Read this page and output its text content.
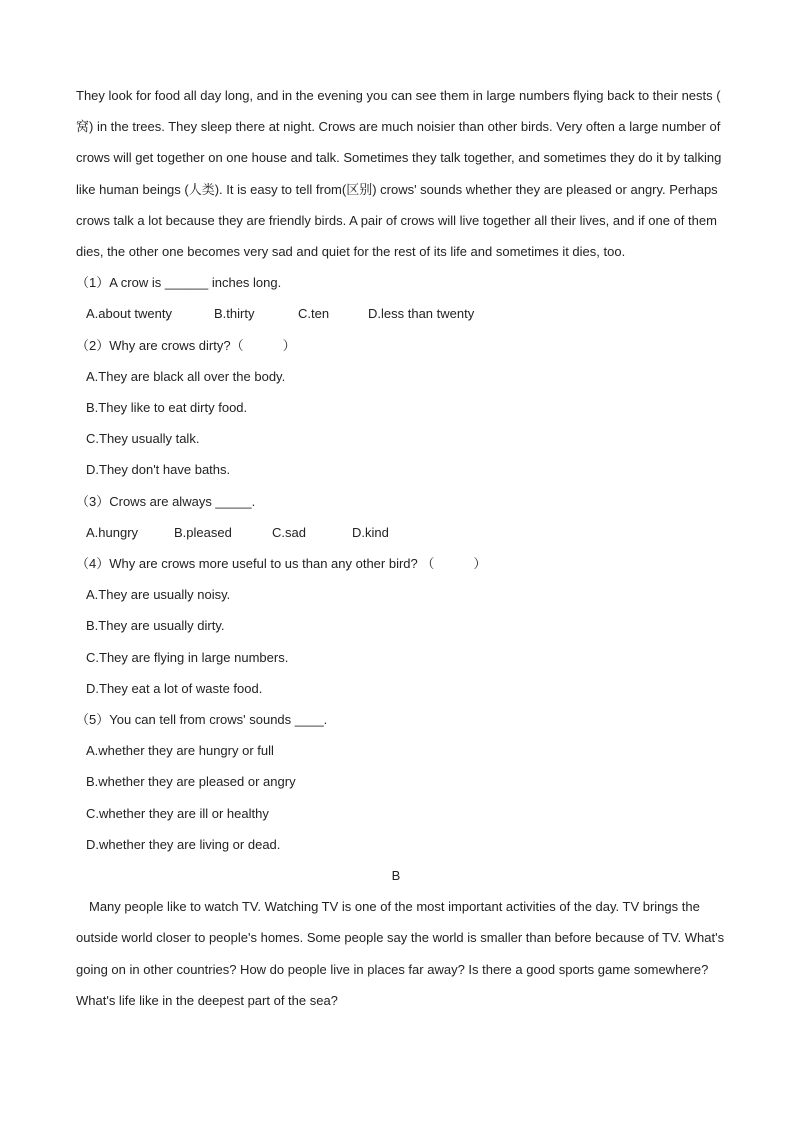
They look for food all day long, and in the evening you can see them in large numbers flying back to their nests (
窝) in the trees. They sleep there at night. Crows are much noisier than other birds. Very often a large number of
crows will get together on one house and talk. Sometimes they talk together, and sometimes they do it by talking
like human beings (人类). It is easy to tell from(区别) crows' sounds whether they are pleased or angry. Perhaps
crows talk a lot because they are friendly birds. A pair of crows will live together all their lives, and if one of them
dies, the other one becomes very sad and quiet for the rest of its life and sometimes it dies, too.
（1）A crow is ______ inches long.
A.about twenty	B.thirty	C.ten	D.less than twenty
（2）Why are crows dirty?（　　　）
A.They are black all over the body.
B.They like to eat dirty food.
C.They usually talk.
D.They don't have baths.
（3）Crows are always _____.
A.hungry	B.pleased	C.sad	D.kind
（4）Why are crows more useful to us than any other bird? （　　　）
A.They are usually noisy.
B.They are usually dirty.
C.They are flying in large numbers.
D.They eat a lot of waste food.
（5）You can tell from crows' sounds ____.
A.whether they are hungry or full
B.whether they are pleased or angry
C.whether they are ill or healthy
D.whether they are living or dead.
B
Many people like to watch TV. Watching TV is one of the most important activities of the day. TV brings the
outside world closer to people's homes. Some people say the world is smaller than before because of TV. What's
going on in other countries? How do people live in places far away? Is there a good sports game somewhere?
What's life like in the deepest part of the sea?
